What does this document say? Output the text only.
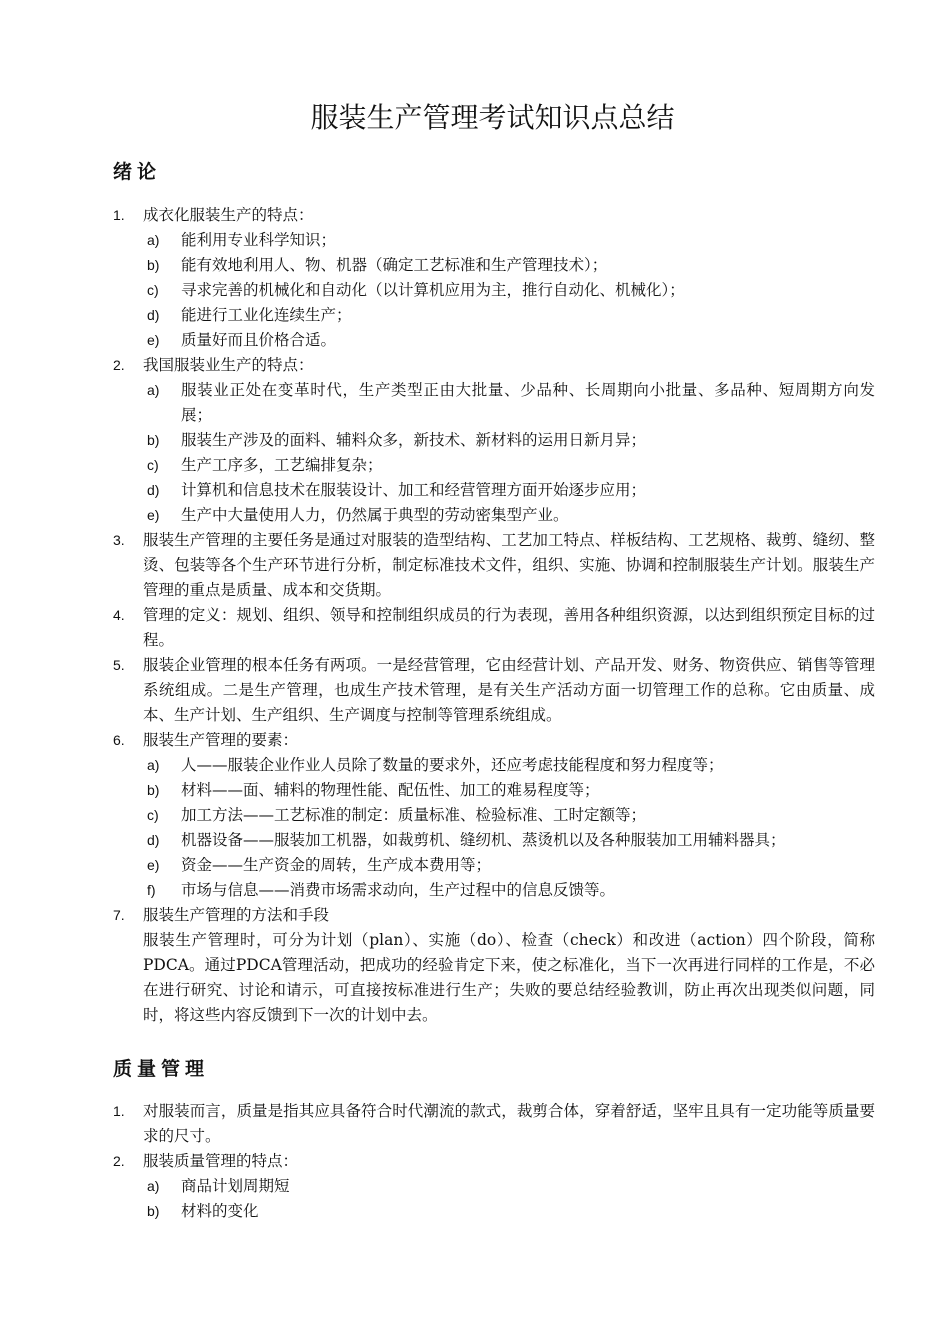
服装生产管理考试知识点总结
绪论
1.	成衣化服装生产的特点：
a)	能利用专业科学知识；
b)	能有效地利用人、物、机器（确定工艺标准和生产管理技术）；
c)	寻求完善的机械化和自动化（以计算机应用为主，推行自动化、机械化）；
d)	能进行工业化连续生产；
e)	质量好而且价格合适。
2.	我国服装业生产的特点：
a)	服装业正处在变革时代，生产类型正由大批量、少品种、长周期向小批量、多品种、短周期方向发展；
b)	服装生产涉及的面料、辅料众多，新技术、新材料的运用日新月异；
c)	生产工序多，工艺编排复杂；
d)	计算机和信息技术在服装设计、加工和经营管理方面开始逐步应用；
e)	生产中大量使用人力，仍然属于典型的劳动密集型产业。
3.	服装生产管理的主要任务是通过对服装的造型结构、工艺加工特点、样板结构、工艺规格、裁剪、缝纫、整烫、包装等各个生产环节进行分析，制定标准技术文件，组织、实施、协调和控制服装生产计划。服装生产管理的重点是质量、成本和交货期。
4.	管理的定义：规划、组织、领导和控制组织成员的行为表现，善用各种组织资源，以达到组织预定目标的过程。
5.	服装企业管理的根本任务有两项。一是经营管理，它由经营计划、产品开发、财务、物资供应、销售等管理系统组成。二是生产管理，也成生产技术管理，是有关生产活动方面一切管理工作的总称。它由质量、成本、生产计划、生产组织、生产调度与控制等管理系统组成。
6.	服装生产管理的要素：
a)	人——服装企业作业人员除了数量的要求外，还应考虑技能程度和努力程度等；
b)	材料——面、辅料的物理性能、配伍性、加工的难易程度等；
c)	加工方法——工艺标准的制定：质量标准、检验标准、工时定额等；
d)	机器设备——服装加工机器，如裁剪机、缝纫机、蒸烫机以及各种服装加工用辅料器具；
e)	资金——生产资金的周转，生产成本费用等；
f)	市场与信息——消费市场需求动向，生产过程中的信息反馈等。
7.	服装生产管理的方法和手段
服装生产管理时，可分为计划（plan）、实施（do）、检查（check）和改进（action）四个阶段，简称PDCA。通过PDCA管理活动，把成功的经验肯定下来，使之标准化，当下一次再进行同样的工作是，不必在进行研究、讨论和请示，可直接按标准进行生产；失败的要总结经验教训，防止再次出现类似问题，同时，将这些内容反馈到下一次的计划中去。
质量管理
1.	对服装而言，质量是指其应具备符合时代潮流的款式，裁剪合体，穿着舒适，坚牢且具有一定功能等质量要求的尺寸。
2.	服装质量管理的特点：
a)	商品计划周期短
b)	材料的变化
